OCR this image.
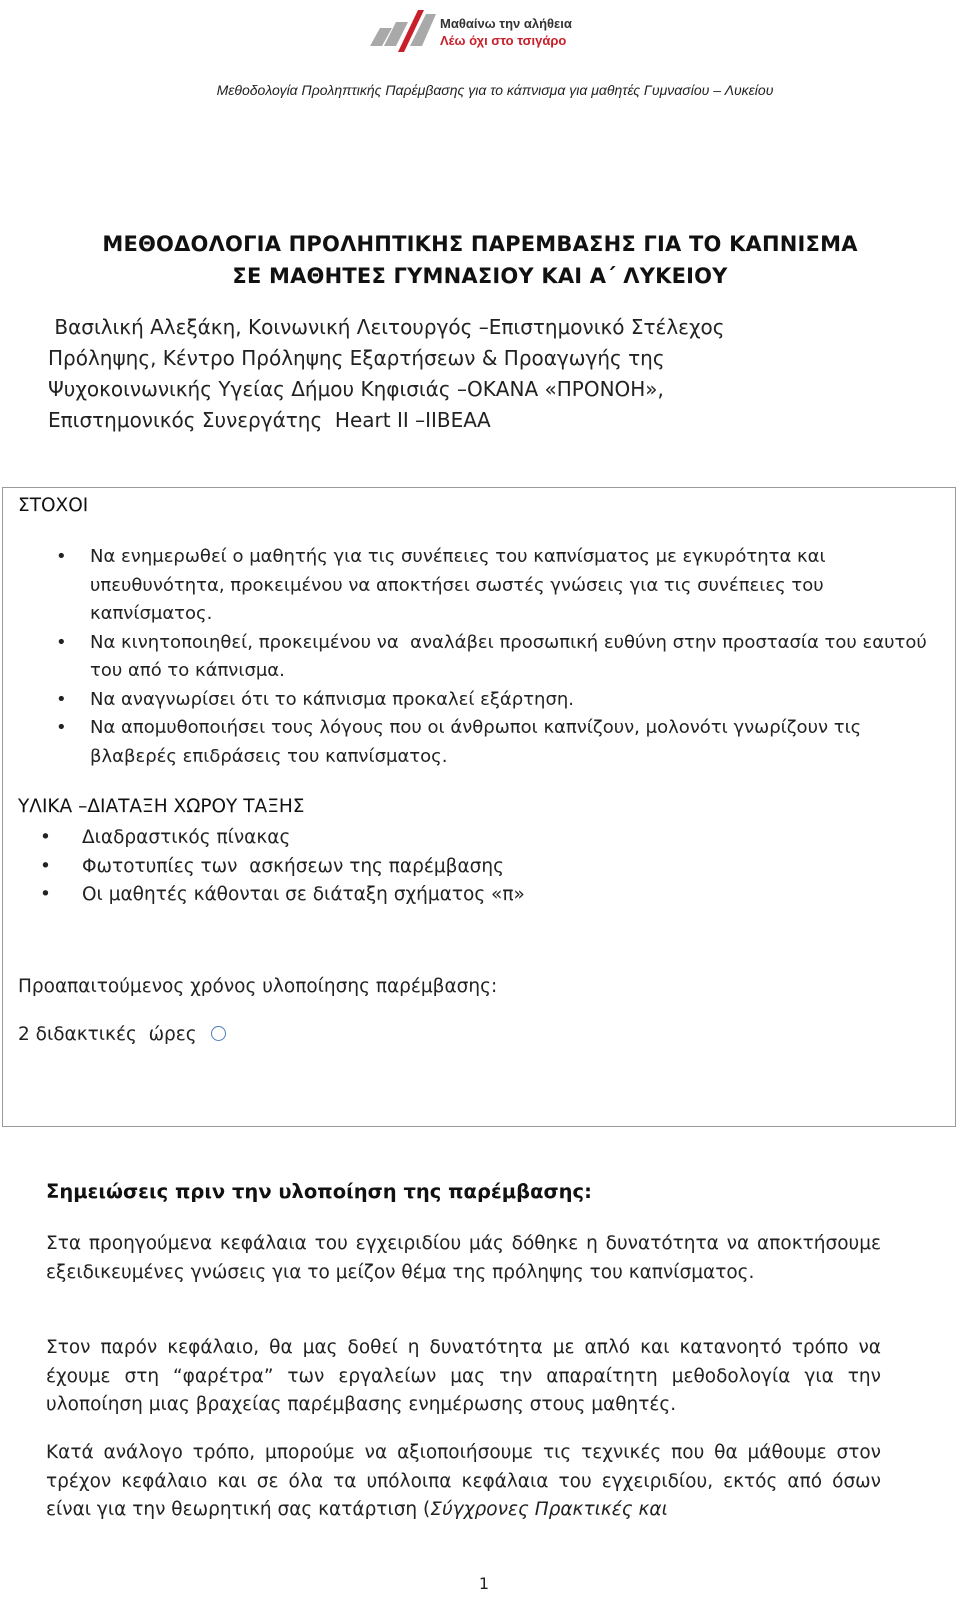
Μαθαίνω την αλήθεια
Λέω όχι στο τσιγάρο
Μεθοδολογία Προληπτικής Παρέμβασης για το κάπνισμα για μαθητές Γυμνασίου – Λυκείου
ΜΕΘΟΔΟΛΟΓΙΑ ΠΡΟΛΗΠΤΙΚΗΣ ΠΑΡΕΜΒΑΣΗΣ ΓΙΑ ΤΟ ΚΑΠΝΙΣΜΑ
ΣΕ ΜΑΘΗΤΕΣ ΓΥΜΝΑΣΙΟΥ ΚΑΙ Α΄ ΛΥΚΕΙΟΥ
Βασιλική Αλεξάκη, Κοινωνική Λειτουργός –Επιστημονικό Στέλεχος
Πρόληψης, Κέντρο Πρόληψης Εξαρτήσεων & Προαγωγής της
Ψυχοκοινωνικής Υγείας Δήμου Κηφισιάς –ΟΚΑΝΑ «ΠΡΟΝΟΗ»,
Επιστημονικός Συνεργάτης  Heart II –ΙΙΒΕΑΑ
ΣΤΟΧΟΙ
• Να ενημερωθεί ο μαθητής για τις συνέπειες του καπνίσματος με εγκυρότητα και υπευθυνότητα, προκειμένου να αποκτήσει σωστές γνώσεις για τις συνέπειες του καπνίσματος.
• Να κινητοποιηθεί, προκειμένου να  αναλάβει προσωπική ευθύνη στην προστασία του εαυτού του από το κάπνισμα.
• Να αναγνωρίσει ότι το κάπνισμα προκαλεί εξάρτηση.
• Να απομυθοποιήσει τους λόγους που οι άνθρωποι καπνίζουν, μολονότι γνωρίζουν τις βλαβερές επιδράσεις του καπνίσματος.
ΥΛΙΚΑ –ΔΙΑΤΑΞΗ ΧΩΡΟΥ ΤΑΞΗΣ
• Διαδραστικός πίνακας
• Φωτοτυπίες των  ασκήσεων της παρέμβασης
• Οι μαθητές κάθονται σε διάταξη σχήματος «π»
Προαπαιτούμενος χρόνος υλοποίησης παρέμβασης:
2 διδακτικές  ώρες
Σημειώσεις πριν την υλοποίηση της παρέμβασης:
Στα προηγούμενα κεφάλαια του εγχειριδίου μάς δόθηκε η δυνατότητα να αποκτήσουμε εξειδικευμένες γνώσεις για το μείζον θέμα της πρόληψης του καπνίσματος.
Στον παρόν κεφάλαιο, θα μας δοθεί η δυνατότητα με απλό και κατανοητό τρόπο να έχουμε στη “φαρέτρα” των εργαλείων μας την απαραίτητη μεθοδολογία για την υλοποίηση μιας βραχείας παρέμβασης ενημέρωσης στους μαθητές.
Κατά ανάλογο τρόπο, μπορούμε να αξιοποιήσουμε τις τεχνικές που θα μάθουμε στον τρέχον κεφάλαιο και σε όλα τα υπόλοιπα κεφάλαια του εγχειριδίου, εκτός από όσων είναι για την θεωρητική σας κατάρτιση (Σύγχρονες Πρακτικές και
1
